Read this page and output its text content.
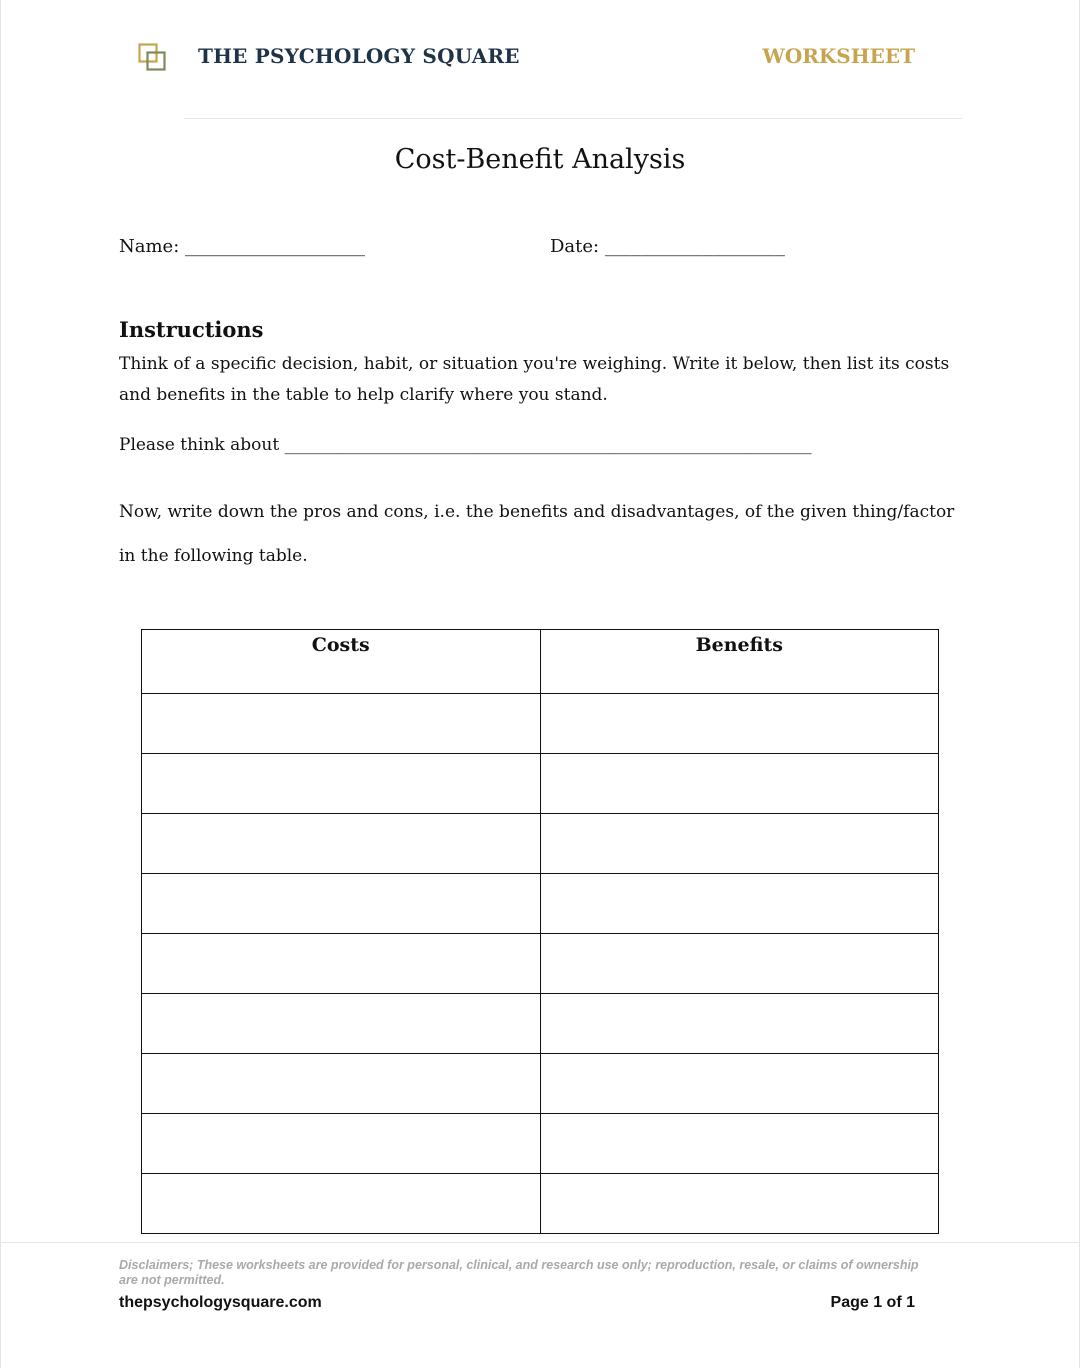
THE PSYCHOLOGY SQUARE	WORKSHEET
Cost-Benefit Analysis
Name: ____________________	Date: ____________________
Instructions
Think of a specific decision, habit, or situation you're weighing. Write it below, then list its costs and benefits in the table to help clarify where you stand.
Please think about ______________________________________________________________
Now, write down the pros and cons, i.e. the benefits and disadvantages, of the given thing/factor in the following table.
Costs	Benefits

Disclaimers; These worksheets are provided for personal, clinical, and research use only; reproduction, resale, or claims of ownership are not permitted.
thepsychologysquare.com	Page 1 of 1
